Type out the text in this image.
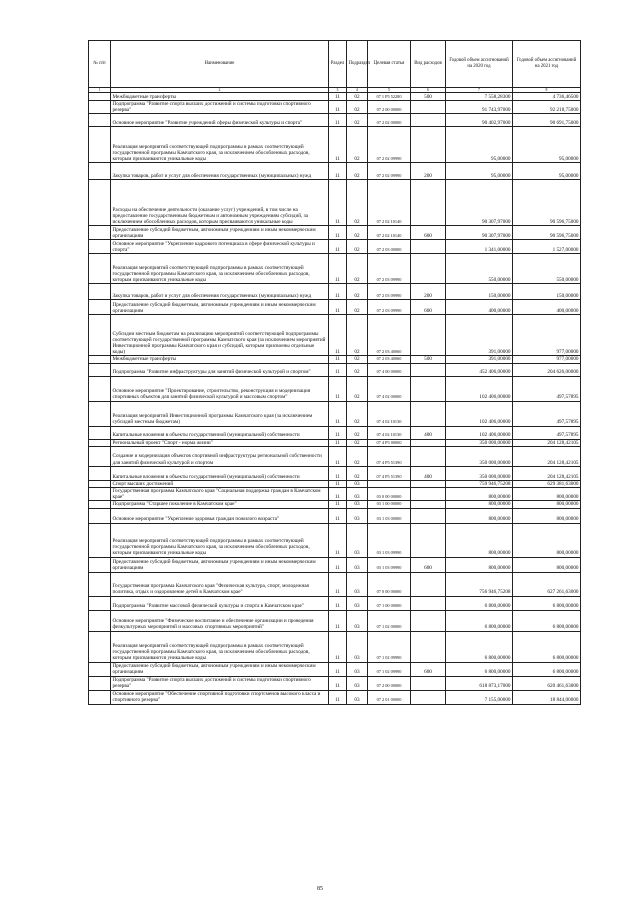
№ п/п	Наименование	Раздел	Подраздел	Целевая статья	Вид расходов	Годовой объем ассигнований на 2020 год	Годовой объем ассигнований на 2021 год
1	2	3	4	5	6	7	8
	Межбюджетные трансферты	11	02	07 1 Р5 52280	500	7 558,28300	4 736,46500
	Подпрограмма "Развитие спорта высших достижений и системы подготовки спортивного резерва"	11	02	07 2 00 00000		91 743,97000	92 218,75000
	Основное мероприятие "Развитие учреждений сферы физической культуры и спорта"	11	02	07 2 02 00000		90 402,97000	90 691,75000
	Реализация мероприятий соответствующей подпрограммы в рамках соответствующей государственной программы Камчатского края, за исключением обособленных расходов, которым присваиваются уникальные коды	11	02	07 2 02 09990		95,00000	95,00000
	Закупка товаров, работ и услуг для обеспечения государственных (муниципальных) нужд	11	02	07 2 02 09990	200	95,00000	95,00000
	Расходы на обеспечение деятельности (оказание услуг) учреждений, в том числе на предоставление государственным бюджетным и автономным учреждениям субсидий, за исключением обособленных расходов, которым присваиваются уникальные коды	11	02	07 2 02 10140		90 307,97000	90 596,75000
	Предоставление субсидий бюджетным, автономным учреждениям и иным некоммерческим организациям	11	02	07 2 02 10140	600	90 307,97000	90 596,75000
	Основное мероприятие "Укрепление кадрового потенциала в сфере физической культуры и спорта"	11	02	07 2 03 00000		1 341,00000	1 527,00000
	Реализация мероприятий соответствующей подпрограммы в рамках соответствующей государственной программы Камчатского края, за исключением обособленных расходов, которым присваиваются уникальные коды	11	02	07 2 03 09990		550,00000	550,00000
	Закупка товаров, работ и услуг для обеспечения государственных (муниципальных) нужд	11	02	07 2 03 09990	200	150,00000	150,00000
	Предоставление субсидий бюджетным, автономным учреждениям и иным некоммерческим организациям	11	02	07 2 03 09990	600	400,00000	400,00000
	Субсидии местным бюджетам на реализацию мероприятий соответствующей подпрограммы соответствующей государственной программы Камчатского края (за исключением мероприятий Инвестиционной программы Камчатского края и субсидий, которым присвоены отдельные коды)	11	02	07 2 03 40060		391,00000	977,00000
	Межбюджетные трансферты	11	02	07 2 03 40060	500	391,00000	977,00000
	Подпрограмма "Развитие инфраструктуры для занятий физической культурой и спортом"	11	02	07 4 00 00000		452 406,00000	204 626,00000
	Основное мероприятие "Проектирование, строительство, реконструкция и модернизация спортивных объектов для занятий физической культурой и массовым спортом"	11	02	07 4 02 00000		102 406,00000	497,57895
	Реализация мероприятий Инвестиционной программы Камчатского края (за исключением субсидий местным бюджетам)	11	02	07 4 02 10130		102 406,00000	497,57895
	Капитальные вложения в объекты государственной (муниципальной) собственности	11	02	07 4 02 10130	400	102 406,00000	497,57895
	Региональный проект "Спорт - норма жизни"	11	02	07 4 P5 00000		350 000,00000	204 128,42105
	Создание и модернизация объектов спортивной инфраструктуры региональной собственности для занятий физической культурой и спортом	11	02	07 4 P5 51390		350 000,00000	204 128,42105
	Капитальные вложения в объекты государственной (муниципальной) собственности	11	02	07 4 P5 51390	400	350 000,00000	204 128,42105
	Спорт высших достижений	11	03			759 946,75208	629 381,63000
	Государственная программа Камчатского края "Социальная поддержка граждан в Камчатском крае"	11	03	03 0 00 00000		800,00000	800,00000
	Подпрограмма "Старшее поколение в Камчатском крае"	11	03	03 1 00 00000		800,00000	800,00000
	Основное мероприятие "Укрепление здоровья граждан пожилого возраста"	11	03	03 1 03 00000		800,00000	800,00000
	Реализация мероприятий соответствующей подпрограммы в рамках соответствующей государственной программы Камчатского края, за исключением обособленных расходов, которым присваиваются уникальные коды	11	03	03 1 03 09990		800,00000	800,00000
	Предоставление субсидий бюджетным, автономным учреждениям и иным некоммерческим организациям	11	03	03 1 03 09990	600	800,00000	800,00000
	Государственная программа Камчатского края "Физическая культура, спорт, молодежная политика, отдых и оздоровление детей в Камчатском крае"	11	03	07 0 00 00000		756 946,75208	627 261,63000
	Подпрограмма "Развитие массовой физической культуры и спорта в Камчатском крае"	11	03	07 1 00 00000		6 800,00000	6 800,00000
	Основное мероприятие "Физическое воспитание и обеспечение организации и проведения физкультурных мероприятий и массовых спортивных мероприятий"	11	03	07 1 02 00000		6 800,00000	6 800,00000
	Реализация мероприятий соответствующей подпрограммы в рамках соответствующей государственной программы Камчатского края, за исключением обособленных расходов, которым присваиваются уникальные коды	11	03	07 1 02 09990		6 800,00000	6 800,00000
	Предоставление субсидий бюджетным, автономным учреждениям и иным некоммерческим организациям	11	03	07 1 02 09990	600	6 800,00000	6 800,00000
	Подпрограмма "Развитие спорта высших достижений и системы подготовки спортивного резерва"	11	03	07 2 00 00000		618 873,17000	620 461,63000
	Основное мероприятие "Обеспечение спортивной подготовки спортсменов высокого класса и спортивного резерва"	11	03	07 2 01 00000		7 155,00000	18 844,00000
85
